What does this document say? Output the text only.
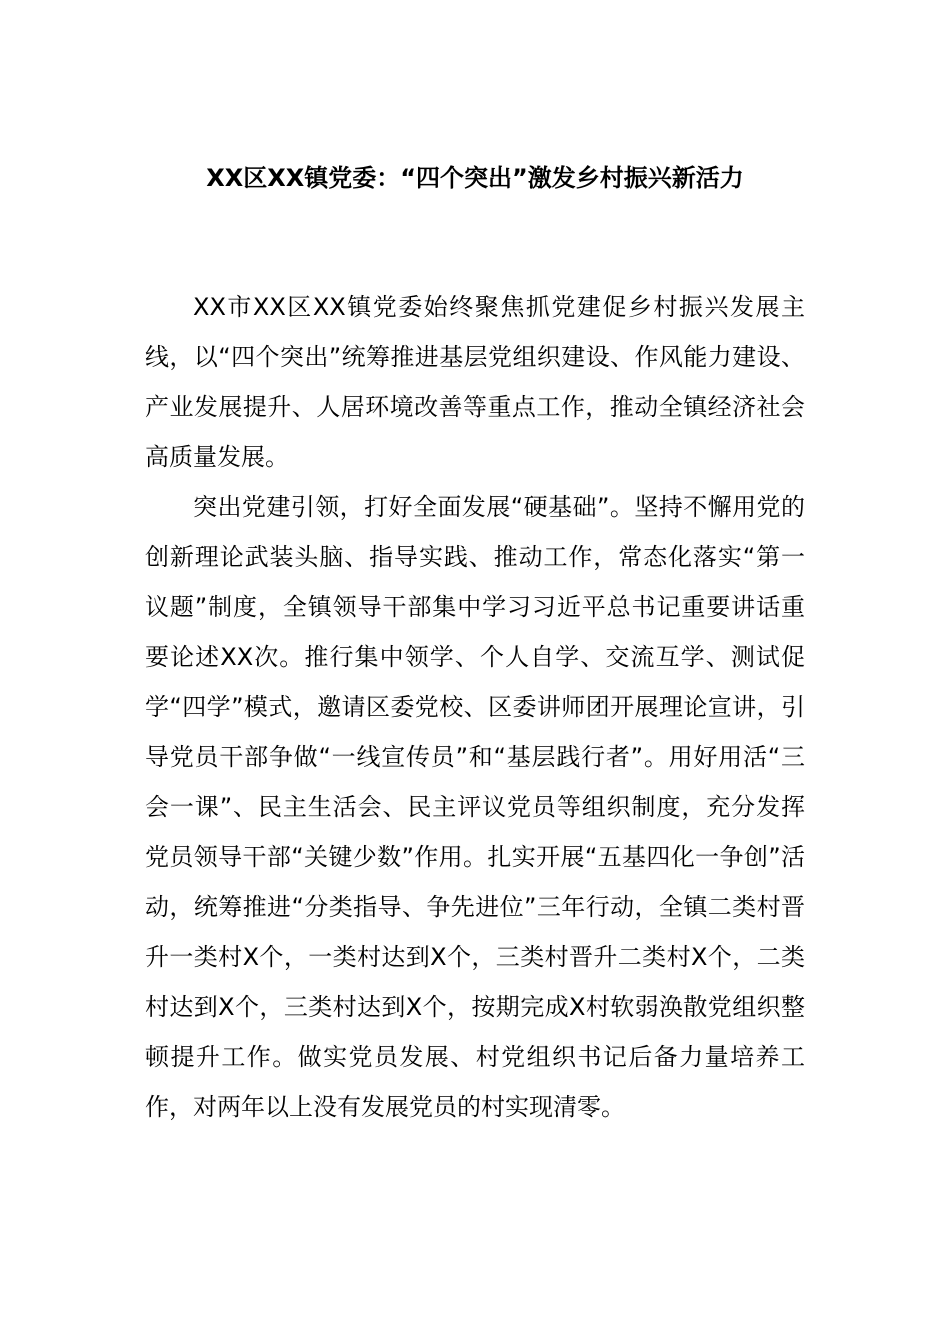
XX区XX镇党委：“四个突出”激发乡村振兴新活力

XX市XX区XX镇党委始终聚焦抓党建促乡村振兴发展主线，以“四个突出”统筹推进基层党组织建设、作风能力建设、产业发展提升、人居环境改善等重点工作，推动全镇经济社会高质量发展。

突出党建引领，打好全面发展“硬基础”。坚持不懈用党的创新理论武装头脑、指导实践、推动工作，常态化落实“第一议题”制度，全镇领导干部集中学习习近平总书记重要讲话重要论述XX次。推行集中领学、个人自学、交流互学、测试促学“四学”模式，邀请区委党校、区委讲师团开展理论宣讲，引导党员干部争做“一线宣传员”和“基层践行者”。用好用活“三会一课”、民主生活会、民主评议党员等组织制度，充分发挥党员领导干部“关键少数”作用。扎实开展“五基四化一争创”活动，统筹推进“分类指导、争先进位”三年行动，全镇二类村晋升一类村X个，一类村达到X个，三类村晋升二类村X个，二类村达到X个，三类村达到X个，按期完成X村软弱涣散党组织整顿提升工作。做实党员发展、村党组织书记后备力量培养工作，对两年以上没有发展党员的村实现清零。
